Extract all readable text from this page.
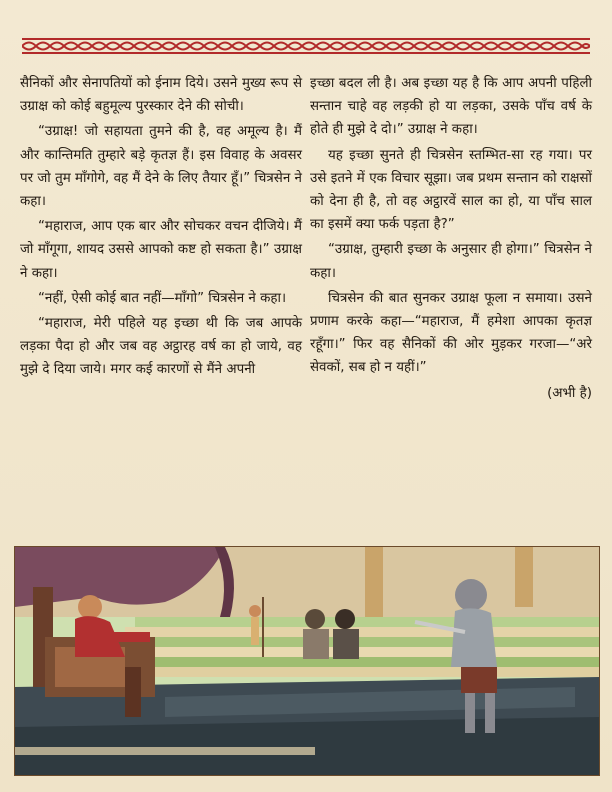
सैनिकों और सेनापतियों को ईनाम दिये। उसने मुख्य रूप से उग्राक्ष को कोई बहुमूल्य पुरस्कार देने की सोची।

“उग्राक्ष! जो सहायता तुमने की है, वह अमूल्य है। मैं और कान्तिमति तुम्हारे बड़े कृतज्ञ हैं। इस विवाह के अवसर पर जो तुम माँगोगे, वह मैं देने के लिए तैयार हूँ।” चित्रसेन ने कहा।

“महाराज, आप एक बार और सोचकर वचन दीजिये। मैं जो माँगूगा, शायद उससे आपको कष्ट हो सकता है।” उग्राक्ष ने कहा।

“नहीं, ऐसी कोई बात नहीं—माँगो” चित्रसेन ने कहा।

“महाराज, मेरी पहिले यह इच्छा थी कि जब आपके लड़का पैदा हो और जब वह अट्ठारह वर्ष का हो जाये, वह मुझे दे दिया जाये। मगर कई कारणों से मैंने अपनी

इच्छा बदल ली है। अब इच्छा यह है कि आप अपनी पहिली सन्तान चाहे वह लड़की हो या लड़का, उसके पाँच वर्ष के होते ही मुझे दे दो।” उग्राक्ष ने कहा।

यह इच्छा सुनते ही चित्रसेन स्तम्भित-सा रह गया। पर उसे इतने में एक विचार सूझा। जब प्रथम सन्तान को राक्षसों को देना ही है, तो वह अट्ठारवें साल का हो, या पाँच साल का इसमें क्या फर्क पड़ता है?”

“उग्राक्ष, तुम्हारी इच्छा के अनुसार ही होगा।” चित्रसेन ने कहा।

चित्रसेन की बात सुनकर उग्राक्ष फूला न समाया। उसने प्रणाम करके कहा—“महाराज, मैं हमेशा आपका कृतज्ञ रहूँगा।” फिर वह सैनिकों की ओर मुड़कर गरजा—“अरे सेवकों, सब हो न यहीं।”

(अभी है)
